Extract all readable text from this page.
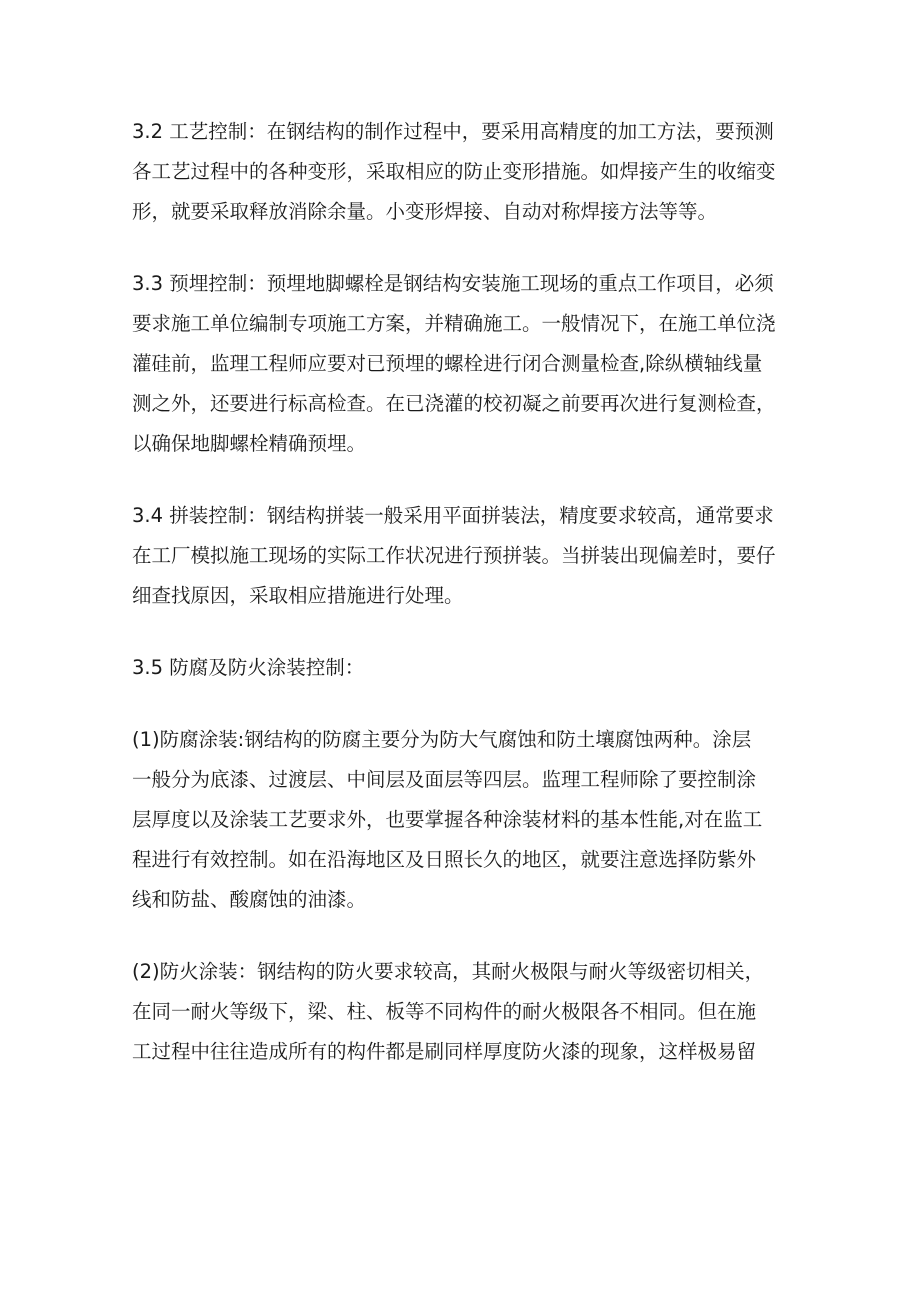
3.2 工艺控制：在钢结构的制作过程中，要采用高精度的加工方法，要预测
各工艺过程中的各种变形，采取相应的防止变形措施。如焊接产生的收缩变
形，就要采取释放消除余量。小变形焊接、自动对称焊接方法等等。

3.3 预埋控制：预埋地脚螺栓是钢结构安装施工现场的重点工作项目，必须
要求施工单位编制专项施工方案，并精确施工。一般情况下，在施工单位浇
灌硅前，监理工程师应要对已预埋的螺栓进行闭合测量检查,除纵横轴线量
测之外，还要进行标高检查。在已浇灌的校初凝之前要再次进行复测检查，
以确保地脚螺栓精确预埋。

3.4 拼装控制：钢结构拼装一般采用平面拼装法，精度要求较高，通常要求
在工厂模拟施工现场的实际工作状况进行预拼装。当拼装出现偏差时，要仔
细查找原因，采取相应措施进行处理。

3.5 防腐及防火涂装控制：

(1)防腐涂装:钢结构的防腐主要分为防大气腐蚀和防土壤腐蚀两种。涂层
一般分为底漆、过渡层、中间层及面层等四层。监理工程师除了要控制涂
层厚度以及涂装工艺要求外，也要掌握各种涂装材料的基本性能,对在监工
程进行有效控制。如在沿海地区及日照长久的地区，就要注意选择防紫外
线和防盐、酸腐蚀的油漆。

(2)防火涂装：钢结构的防火要求较高，其耐火极限与耐火等级密切相关，
在同一耐火等级下，梁、柱、板等不同构件的耐火极限各不相同。但在施
工过程中往往造成所有的构件都是刷同样厚度防火漆的现象，这样极易留
